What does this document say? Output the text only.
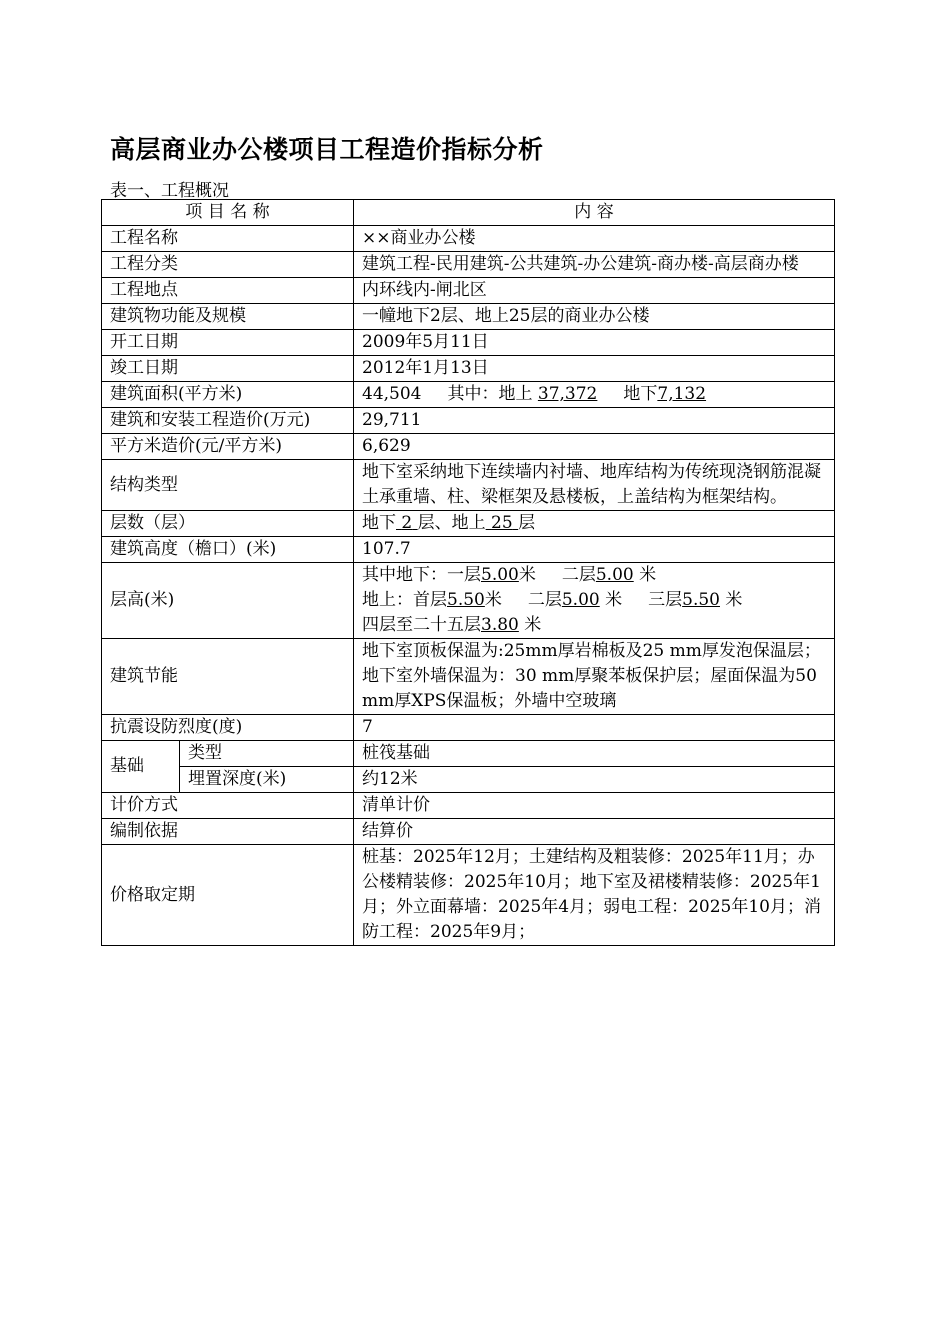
高层商业办公楼项目工程造价指标分析
表一、工程概况
项 目 名 称		内 容
工程名称		××商业办公楼
工程分类		建筑工程-民用建筑-公共建筑-办公建筑-商办楼-高层商办楼
工程地点		内环线内-闸北区
建筑物功能及规模		一幢地下2层、地上25层的商业办公楼
开工日期		2009年5月11日
竣工日期		2012年1月13日
建筑面积(平方米)		44,504 其中：地上 37,372 地下7,132
建筑和安装工程造价(万元)		29,711
平方米造价(元/平方米)		6,629
结构类型		地下室采纳地下连续墙内衬墙、地库结构为传统现浇钢筋混凝土承重墙、柱、梁框架及悬楼板，上盖结构为框架结构。
层数（层）		地下 2 层、地上 25 层
建筑高度（檐口）(米)		107.7
层高(米)		其中地下：一层5.00米 二层5.00 米
地上：首层5.50米 二层5.00 米 三层5.50 米
四层至二十五层3.80 米

建筑节能		地下室顶板保温为:25mm厚岩棉板及25 mm厚发泡保温层；地下室外墙保温为：30 mm厚聚苯板保护层；屋面保温为50 mm厚XPS保温板；外墙中空玻璃
抗震设防烈度(度)		7
基础	类型	桩筏基础
	埋置深度(米)	约12米
计价方式		清单计价
编制依据		结算价
价格取定期		桩基：2025年12月；土建结构及粗装修：2025年11月；办公楼精装修：2025年10月；地下室及裙楼精装修：2025年1月；外立面幕墙：2025年4月；弱电工程：2025年10月；消防工程：2025年9月；
